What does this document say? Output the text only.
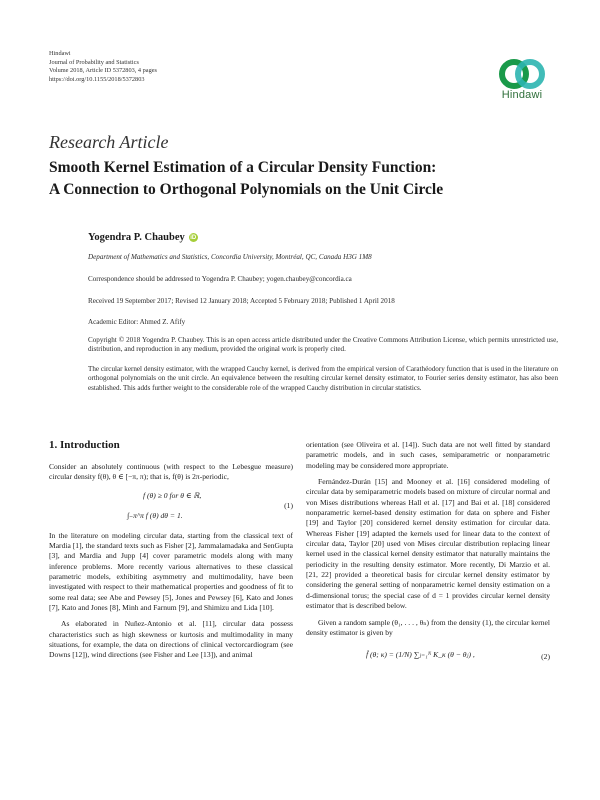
Hindawi
Journal of Probability and Statistics
Volume 2018, Article ID 5372803, 4 pages
https://doi.org/10.1155/2018/5372803
Hindawi
Research Article
Smooth Kernel Estimation of a Circular Density Function:
A Connection to Orthogonal Polynomials on the Unit Circle
Yogendra P. Chaubey iD
Department of Mathematics and Statistics, Concordia University, Montréal, QC, Canada H3G 1M8
Correspondence should be addressed to Yogendra P. Chaubey; yogen.chaubey@concordia.ca
Received 19 September 2017; Revised 12 January 2018; Accepted 5 February 2018; Published 1 April 2018
Academic Editor: Ahmed Z. Afify
Copyright © 2018 Yogendra P. Chaubey. This is an open access article distributed under the Creative Commons Attribution License, which permits unrestricted use, distribution, and reproduction in any medium, provided the original work is properly cited.
The circular kernel density estimator, with the wrapped Cauchy kernel, is derived from the empirical version of Carathéodory function that is used in the literature on orthogonal polynomials on the unit circle. An equivalence between the resulting circular kernel density estimator, to Fourier series density estimator, has also been established. This adds further weight to the considerable role of the wrapped Cauchy distribution in circular statistics.
1. Introduction

Consider an absolutely continuous (with respect to the Lebesgue measure) circular density f(θ), θ ∈ [−π, π); that is, f(θ) is 2π-periodic,

f (θ) ≥ 0 for θ ∈ ℝ,
∫₋π^π f (θ) dθ = 1.
(1)

In the literature on modeling circular data, starting from the classical text of Mardia [1], the standard texts such as Fisher [2], Jammalamadaka and SenGupta [3], and Mardia and Jupp [4] cover parametric models along with many inference problems. More recently various alternatives to these classical parametric models, exhibiting asymmetry and multimodality, have been investigated with respect to their mathematical properties and goodness of fit to some real data; see Abe and Pewsey [5], Jones and Pewsey [6], Kato and Jones [7], Kato and Jones [8], Minh and Farnum [9], and Shimizu and Lida [10].

As elaborated in Nuñez-Antonio et al. [11], circular data possess characteristics such as high skewness or kurtosis and multimodality in many situations, for example, the data on directions of clinical vectorcardiogram (see Downs [12]), wind directions (see Fisher and Lee [13]), and animal

orientation (see Oliveira et al. [14]). Such data are not well fitted by standard parametric models, and in such cases, semiparametric or nonparametric modeling may be considered more appropriate.

Fernández-Durán [15] and Mooney et al. [16] considered modeling of circular data by semiparametric models based on mixture of circular normal and von Mises distributions whereas Hall et al. [17] and Bai et al. [18] considered nonparametric kernel-based density estimation for data on sphere and Fisher [19] and Taylor [20] considered kernel density estimation for circular data. Whereas Fisher [19] adapted the kernels used for linear data to the context of circular data, Taylor [20] used von Mises circular distribution replacing linear kernel used in the classical kernel density estimator that naturally maintains the periodicity in the resulting density estimator. More recently, Di Marzio et al. [21, 22] provided a theoretical basis for circular kernel density estimator by considering the general setting of nonparametric kernel density estimation on a d-dimensional torus; the special case of d = 1 provides circular kernel density estimator that is described below.

Given a random sample (θ₁, . . . , θₙ) from the density (1), the circular kernel density estimator is given by

f̂ (θ; κ) = (1/N) ∑ⱼ₌₁ᴺ K_κ (θ − θⱼ) ,	(2)
